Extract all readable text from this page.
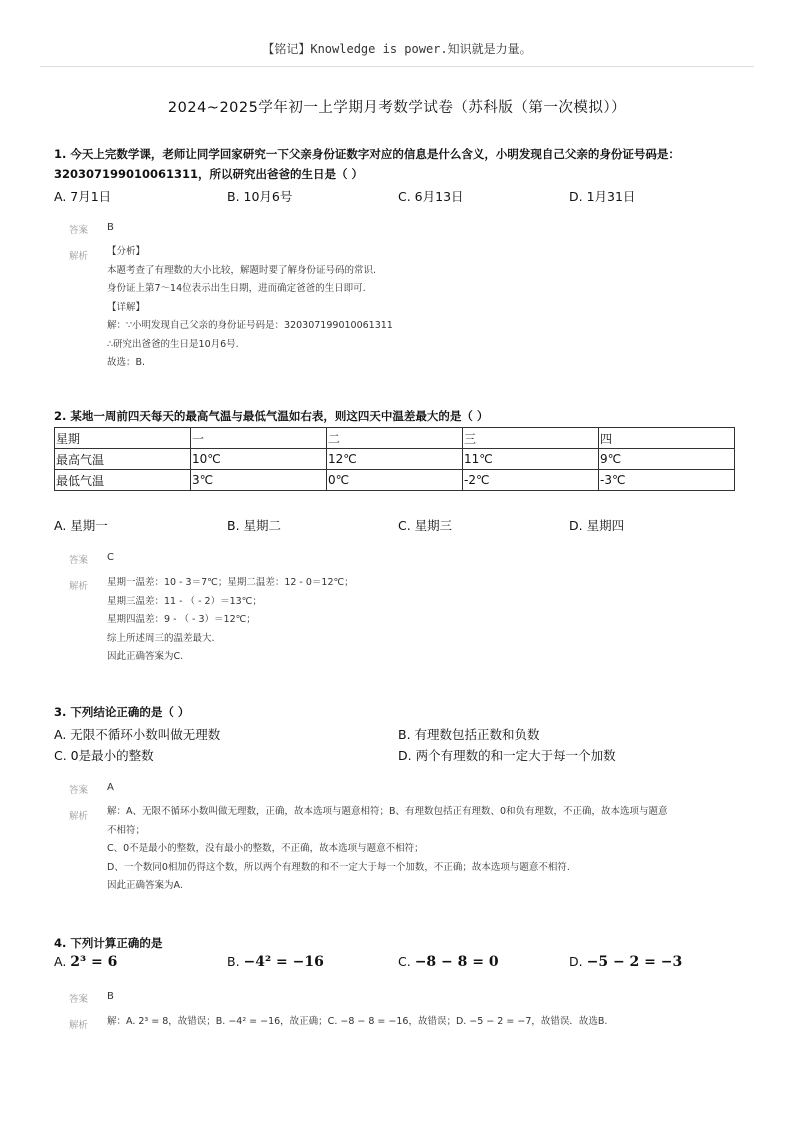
【铭记】Knowledge is power.知识就是力量。
2024~2025学年初一上学期月考数学试卷（苏科版（第一次模拟））
1. 今天上完数学课，老师让同学回家研究一下父亲身份证数字对应的信息是什么含义，小明发现自己父亲的身份证号码是：
320307199010061311，所以研究出爸爸的生日是（ ）
A. 7月1日	B. 10月6号	C. 6月13日	D. 1月31日
答案 B
解析 【分析】
本题考查了有理数的大小比较，解题时要了解身份证号码的常识.
身份证上第7～14位表示出生日期，进而确定爸爸的生日即可.
【详解】
解：∵小明发现自己父亲的身份证号码是：320307199010061311
∴研究出爸爸的生日是10月6号.
故选：B.
2. 某地一周前四天每天的最高气温与最低气温如右表，则这四天中温差最大的是（ ）
星期	一	二	三	四
最高气温	10℃	12℃	11℃	9℃
最低气温	3℃	0℃	-2℃	-3℃
A. 星期一	B. 星期二	C. 星期三	D. 星期四
答案 C
解析 星期一温差：10 - 3＝7℃；星期二温差：12 - 0＝12℃；
星期三温差：11 - （ - 2）＝13℃；
星期四温差：9 - （ - 3）＝12℃；
综上所述周三的温差最大.
因此正确答案为C.
3. 下列结论正确的是（ ）
A. 无限不循环小数叫做无理数	B. 有理数包括正数和负数
C. 0是最小的整数	D. 两个有理数的和一定大于每一个加数
答案 A
解析 解：A、无限不循环小数叫做无理数，正确，故本选项与题意相符；B、有理数包括正有理数、0和负有理数，不正确，故本选项与题意
不相符；
C、0不是最小的整数，没有最小的整数，不正确，故本选项与题意不相符；
D、一个数同0相加仍得这个数，所以两个有理数的和不一定大于每一个加数，不正确；故本选项与题意不相符.
因此正确答案为A.
4. 下列计算正确的是
A. 2³ = 6	B. −4² = −16	C. −8 − 8 = 0	D. −5 − 2 = −3
答案 B
解析 解：A. 2³ = 8，故错误；B. −4² = −16，故正确；C. −8 − 8 = −16，故错误；D. −5 − 2 = −7，故错误．故选B.
